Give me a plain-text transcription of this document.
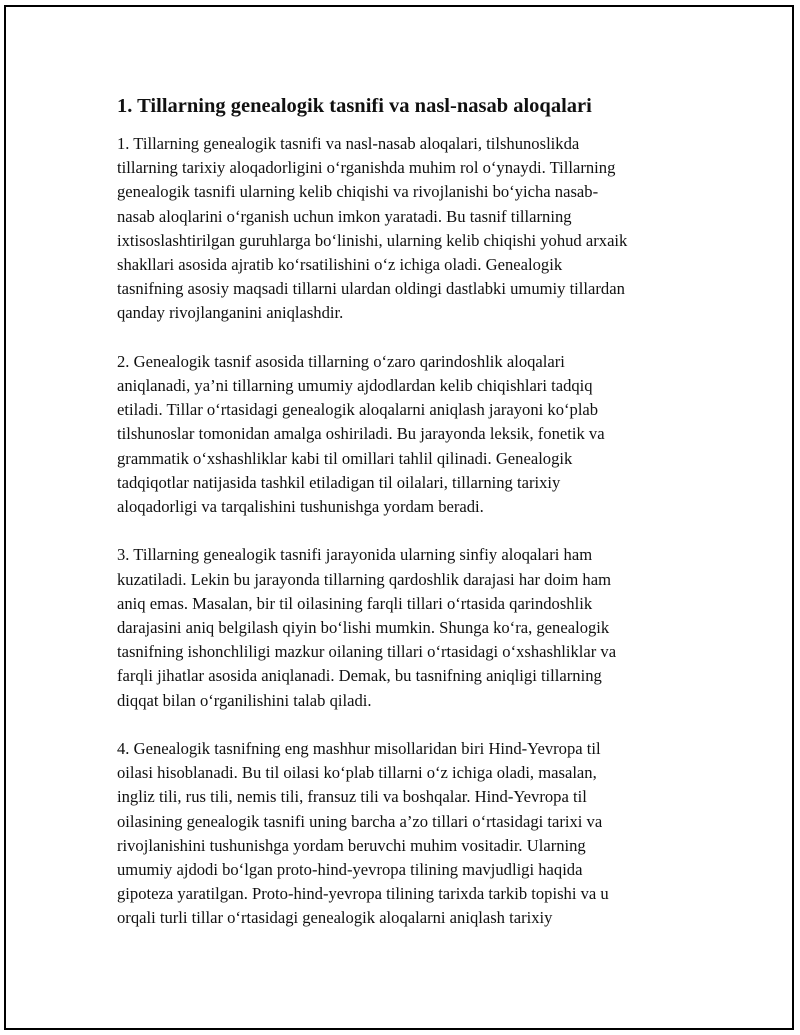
1. Tillarning genealogik tasnifi va nasl-nasab aloqalari

1. Tillarning genealogik tasnifi va nasl-nasab aloqalari, tilshunoslikda
tillarning tarixiy aloqadorligini o‘rganishda muhim rol o‘ynaydi. Tillarning
genealogik tasnifi ularning kelib chiqishi va rivojlanishi bo‘yicha nasab-
nasab aloqlarini o‘rganish uchun imkon yaratadi. Bu tasnif tillarning
ixtisoslashtirilgan guruhlarga bo‘linishi, ularning kelib chiqishi yohud arxaik
shakllari asosida ajratib ko‘rsatilishini o‘z ichiga oladi. Genealogik
tasnifning asosiy maqsadi tillarni ulardan oldingi dastlabki umumiy tillardan
qanday rivojlanganini aniqlashdir.

2. Genealogik tasnif asosida tillarning o‘zaro qarindoshlik aloqalari
aniqlanadi, ya’ni tillarning umumiy ajdodlardan kelib chiqishlari tadqiq
etiladi. Tillar o‘rtasidagi genealogik aloqalarni aniqlash jarayoni ko‘plab
tilshunoslar tomonidan amalga oshiriladi. Bu jarayonda leksik, fonetik va
grammatik o‘xshashliklar kabi til omillari tahlil qilinadi. Genealogik
tadqiqotlar natijasida tashkil etiladigan til oilalari, tillarning tarixiy
aloqadorligi va tarqalishini tushunishga yordam beradi.

3. Tillarning genealogik tasnifi jarayonida ularning sinfiy aloqalari ham
kuzatiladi. Lekin bu jarayonda tillarning qardoshlik darajasi har doim ham
aniq emas. Masalan, bir til oilasining farqli tillari o‘rtasida qarindoshlik
darajasini aniq belgilash qiyin bo‘lishi mumkin. Shunga ko‘ra, genealogik
tasnifning ishonchliligi mazkur oilaning tillari o‘rtasidagi o‘xshashliklar va
farqli jihatlar asosida aniqlanadi. Demak, bu tasnifning aniqligi tillarning
diqqat bilan o‘rganilishini talab qiladi.

4. Genealogik tasnifning eng mashhur misollaridan biri Hind-Yevropa til
oilasi hisoblanadi. Bu til oilasi ko‘plab tillarni o‘z ichiga oladi, masalan,
ingliz tili, rus tili, nemis tili, fransuz tili va boshqalar. Hind-Yevropa til
oilasining genealogik tasnifi uning barcha a’zo tillari o‘rtasidagi tarixi va
rivojlanishini tushunishga yordam beruvchi muhim vositadir. Ularning
umumiy ajdodi bo‘lgan proto-hind-yevropa tilining mavjudligi haqida
gipoteza yaratilgan. Proto-hind-yevropa tilining tarixda tarkib topishi va u
orqali turli tillar o‘rtasidagi genealogik aloqalarni aniqlash tarixiy
